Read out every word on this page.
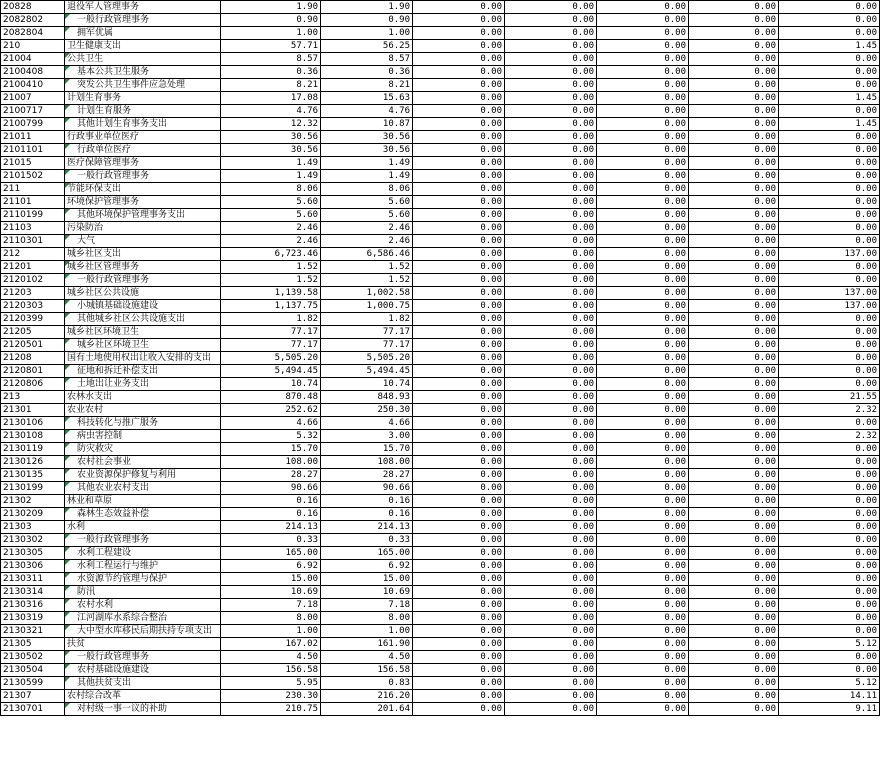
20828	退役军人管理事务	1.90	1.90	0.00	0.00	0.00	0.00	0.00
2082802	一般行政管理事务	0.90	0.90	0.00	0.00	0.00	0.00	0.00
2082804	拥军优属	1.00	1.00	0.00	0.00	0.00	0.00	0.00
210	卫生健康支出	57.71	56.25	0.00	0.00	0.00	0.00	1.45
21004	公共卫生	8.57	8.57	0.00	0.00	0.00	0.00	0.00
2100408	基本公共卫生服务	0.36	0.36	0.00	0.00	0.00	0.00	0.00
2100410	突发公共卫生事件应急处理	8.21	8.21	0.00	0.00	0.00	0.00	0.00
21007	计划生育事务	17.08	15.63	0.00	0.00	0.00	0.00	1.45
2100717	计划生育服务	4.76	4.76	0.00	0.00	0.00	0.00	0.00
2100799	其他计划生育事务支出	12.32	10.87	0.00	0.00	0.00	0.00	1.45
21011	行政事业单位医疗	30.56	30.56	0.00	0.00	0.00	0.00	0.00
2101101	行政单位医疗	30.56	30.56	0.00	0.00	0.00	0.00	0.00
21015	医疗保障管理事务	1.49	1.49	0.00	0.00	0.00	0.00	0.00
2101502	一般行政管理事务	1.49	1.49	0.00	0.00	0.00	0.00	0.00
211	节能环保支出	8.06	8.06	0.00	0.00	0.00	0.00	0.00
21101	环境保护管理事务	5.60	5.60	0.00	0.00	0.00	0.00	0.00
2110199	其他环境保护管理事务支出	5.60	5.60	0.00	0.00	0.00	0.00	0.00
21103	污染防治	2.46	2.46	0.00	0.00	0.00	0.00	0.00
2110301	大气	2.46	2.46	0.00	0.00	0.00	0.00	0.00
212	城乡社区支出	6,723.46	6,586.46	0.00	0.00	0.00	0.00	137.00
21201	城乡社区管理事务	1.52	1.52	0.00	0.00	0.00	0.00	0.00
2120102	一般行政管理事务	1.52	1.52	0.00	0.00	0.00	0.00	0.00
21203	城乡社区公共设施	1,139.58	1,002.58	0.00	0.00	0.00	0.00	137.00
2120303	小城镇基础设施建设	1,137.75	1,000.75	0.00	0.00	0.00	0.00	137.00
2120399	其他城乡社区公共设施支出	1.82	1.82	0.00	0.00	0.00	0.00	0.00
21205	城乡社区环境卫生	77.17	77.17	0.00	0.00	0.00	0.00	0.00
2120501	城乡社区环境卫生	77.17	77.17	0.00	0.00	0.00	0.00	0.00
21208	国有土地使用权出让收入安排的支出	5,505.20	5,505.20	0.00	0.00	0.00	0.00	0.00
2120801	征地和拆迁补偿支出	5,494.45	5,494.45	0.00	0.00	0.00	0.00	0.00
2120806	土地出让业务支出	10.74	10.74	0.00	0.00	0.00	0.00	0.00
213	农林水支出	870.48	848.93	0.00	0.00	0.00	0.00	21.55
21301	农业农村	252.62	250.30	0.00	0.00	0.00	0.00	2.32
2130106	科技转化与推广服务	4.66	4.66	0.00	0.00	0.00	0.00	0.00
2130108	病虫害控制	5.32	3.00	0.00	0.00	0.00	0.00	2.32
2130119	防灾救灾	15.70	15.70	0.00	0.00	0.00	0.00	0.00
2130126	农村社会事业	108.00	108.00	0.00	0.00	0.00	0.00	0.00
2130135	农业资源保护修复与利用	28.27	28.27	0.00	0.00	0.00	0.00	0.00
2130199	其他农业农村支出	90.66	90.66	0.00	0.00	0.00	0.00	0.00
21302	林业和草原	0.16	0.16	0.00	0.00	0.00	0.00	0.00
2130209	森林生态效益补偿	0.16	0.16	0.00	0.00	0.00	0.00	0.00
21303	水利	214.13	214.13	0.00	0.00	0.00	0.00	0.00
2130302	一般行政管理事务	0.33	0.33	0.00	0.00	0.00	0.00	0.00
2130305	水利工程建设	165.00	165.00	0.00	0.00	0.00	0.00	0.00
2130306	水利工程运行与维护	6.92	6.92	0.00	0.00	0.00	0.00	0.00
2130311	水资源节约管理与保护	15.00	15.00	0.00	0.00	0.00	0.00	0.00
2130314	防汛	10.69	10.69	0.00	0.00	0.00	0.00	0.00
2130316	农村水利	7.18	7.18	0.00	0.00	0.00	0.00	0.00
2130319	江河湖库水系综合整治	8.00	8.00	0.00	0.00	0.00	0.00	0.00
2130321	大中型水库移民后期扶持专项支出	1.00	1.00	0.00	0.00	0.00	0.00	0.00
21305	扶贫	167.02	161.90	0.00	0.00	0.00	0.00	5.12
2130502	一般行政管理事务	4.50	4.50	0.00	0.00	0.00	0.00	0.00
2130504	农村基础设施建设	156.58	156.58	0.00	0.00	0.00	0.00	0.00
2130599	其他扶贫支出	5.95	0.83	0.00	0.00	0.00	0.00	5.12
21307	农村综合改革	230.30	216.20	0.00	0.00	0.00	0.00	14.11
2130701	对村级一事一议的补助	210.75	201.64	0.00	0.00	0.00	0.00	9.11
